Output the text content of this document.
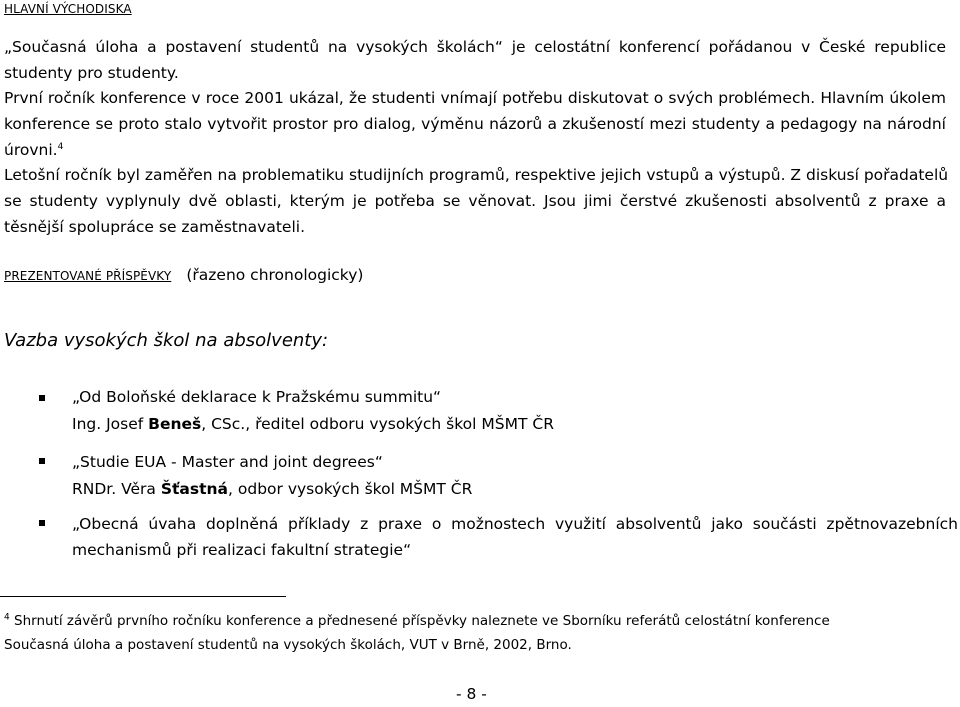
HLAVNÍ VÝCHODISKA
„Současná úloha a postavení studentů na vysokých školách“ je celostátní konferencí pořádanou v České republice
studenty pro studenty.
První ročník konference v roce 2001 ukázal, že studenti vnímají potřebu diskutovat o svých problémech. Hlavním úkolem
konference se proto stalo vytvořit prostor pro dialog, výměnu názorů a zkušeností mezi studenty a pedagogy na národní
úrovni.$^4$
Letošní ročník byl zaměřen na problematiku studijních programů, respektive jejich vstupů a výstupů. Z diskusí pořadatelů
se studenty vyplynuly dvě oblasti, kterým je potřeba se věnovat. Jsou jimi čerstvé zkušenosti absolventů z praxe a
těsnější spolupráce se zaměstnavateli.
PREZENTOVANÉ PŘÍSPĚVKY (řazeno chronologicky)
Vazba vysokých škol na absolventy:
„Od Boloňské deklarace k Pražskému summitu“
Ing. Josef Beneš, CSc., ředitel odboru vysokých škol MŠMT ČR
„Studie EUA - Master and joint degrees“
RNDr. Věra Šťastná, odbor vysokých škol MŠMT ČR
„Obecná úvaha doplněná příklady z praxe o možnostech využití absolventů jako součásti zpětnovazebních
mechanismů při realizaci fakultní strategie“
$^4$ Shrnutí závěrů prvního ročníku konference a přednesené příspěvky naleznete ve Sborníku referátů celostátní konference
Současná úloha a postavení studentů na vysokých školách, VUT v Brně, 2002, Brno.
- 8 -
